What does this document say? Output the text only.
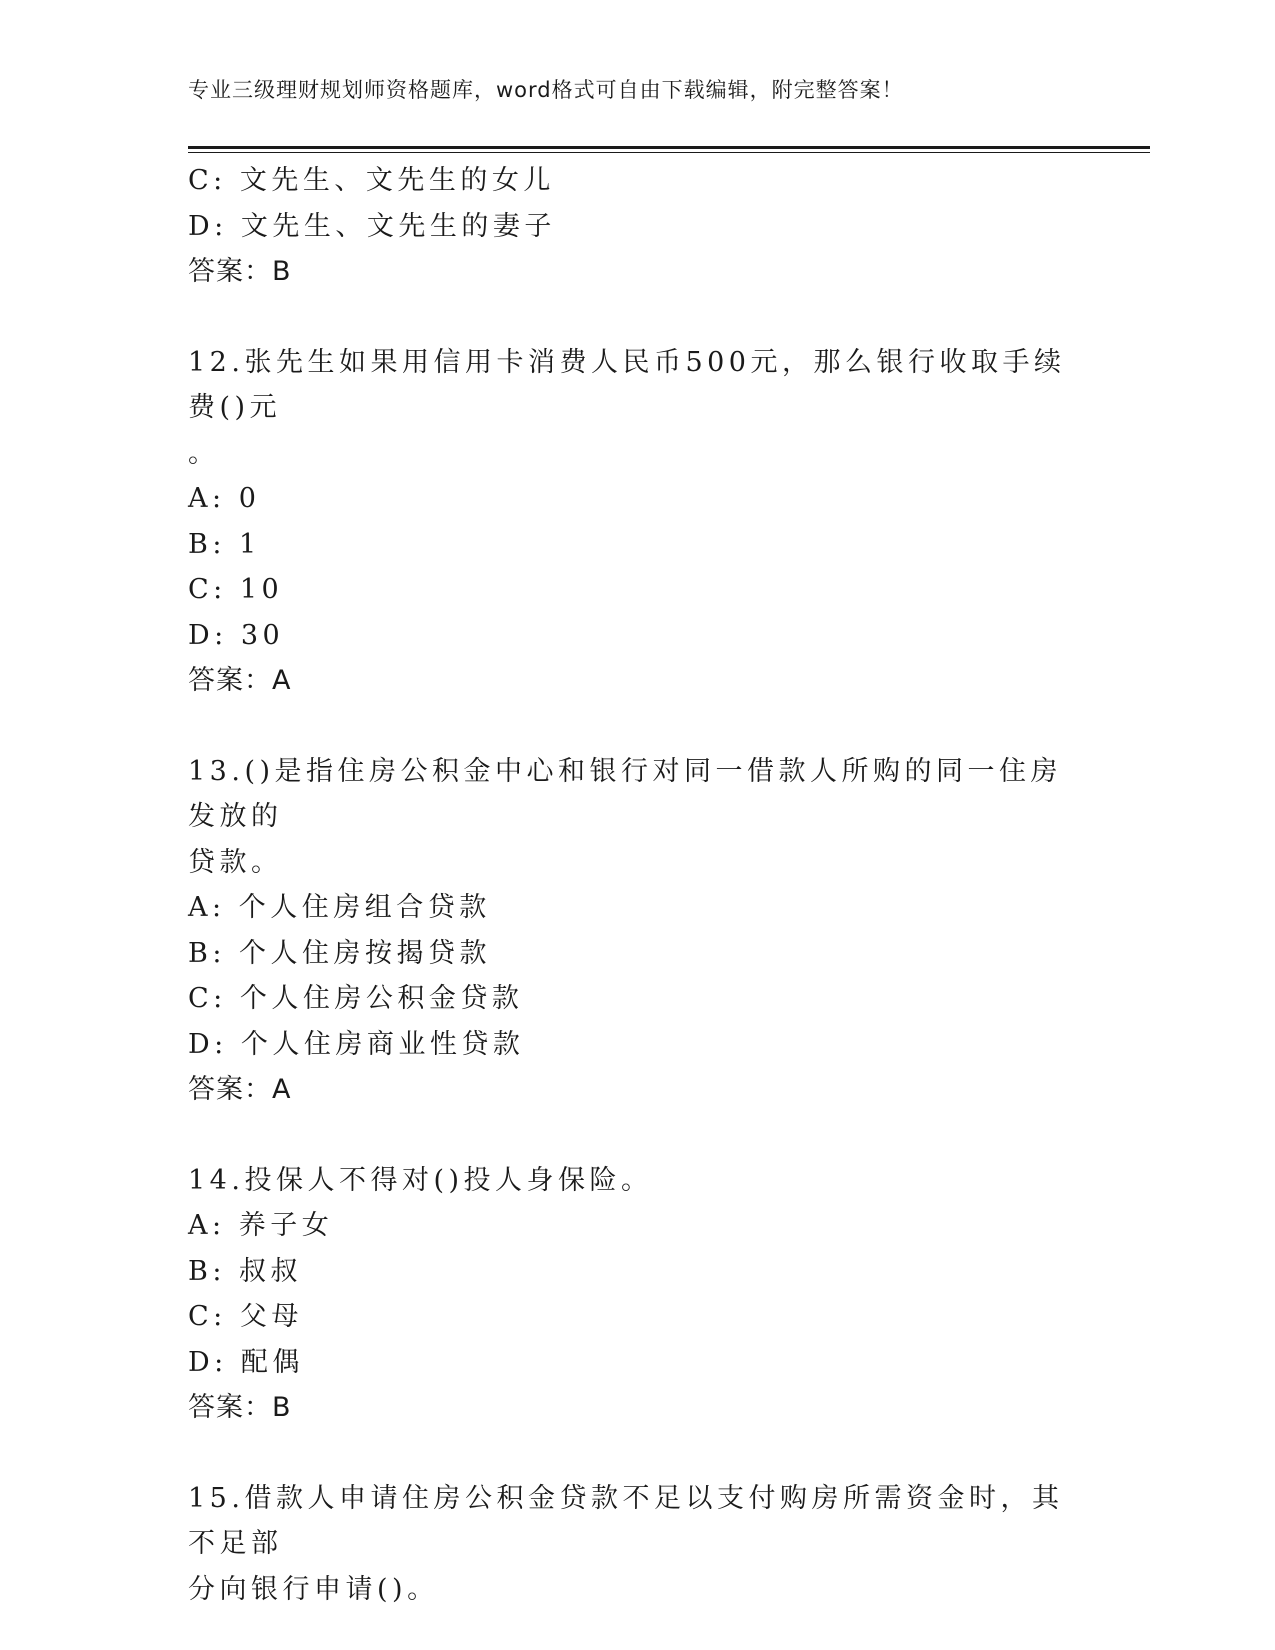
专业三级理财规划师资格题库，word格式可自由下载编辑，附完整答案！
C: 文先生、文先生的女儿
D: 文先生、文先生的妻子
答案：B
12.张先生如果用信用卡消费人民币500元，那么银行收取手续费()元
。
A: 0
B: 1
C: 10
D: 30
答案：A
13.()是指住房公积金中心和银行对同一借款人所购的同一住房发放的
贷款。
A: 个人住房组合贷款
B: 个人住房按揭贷款
C: 个人住房公积金贷款
D: 个人住房商业性贷款
答案：A
14.投保人不得对()投人身保险。
A: 养子女
B: 叔叔
C: 父母
D: 配偶
答案：B
15.借款人申请住房公积金贷款不足以支付购房所需资金时，其不足部
分向银行申请()。
